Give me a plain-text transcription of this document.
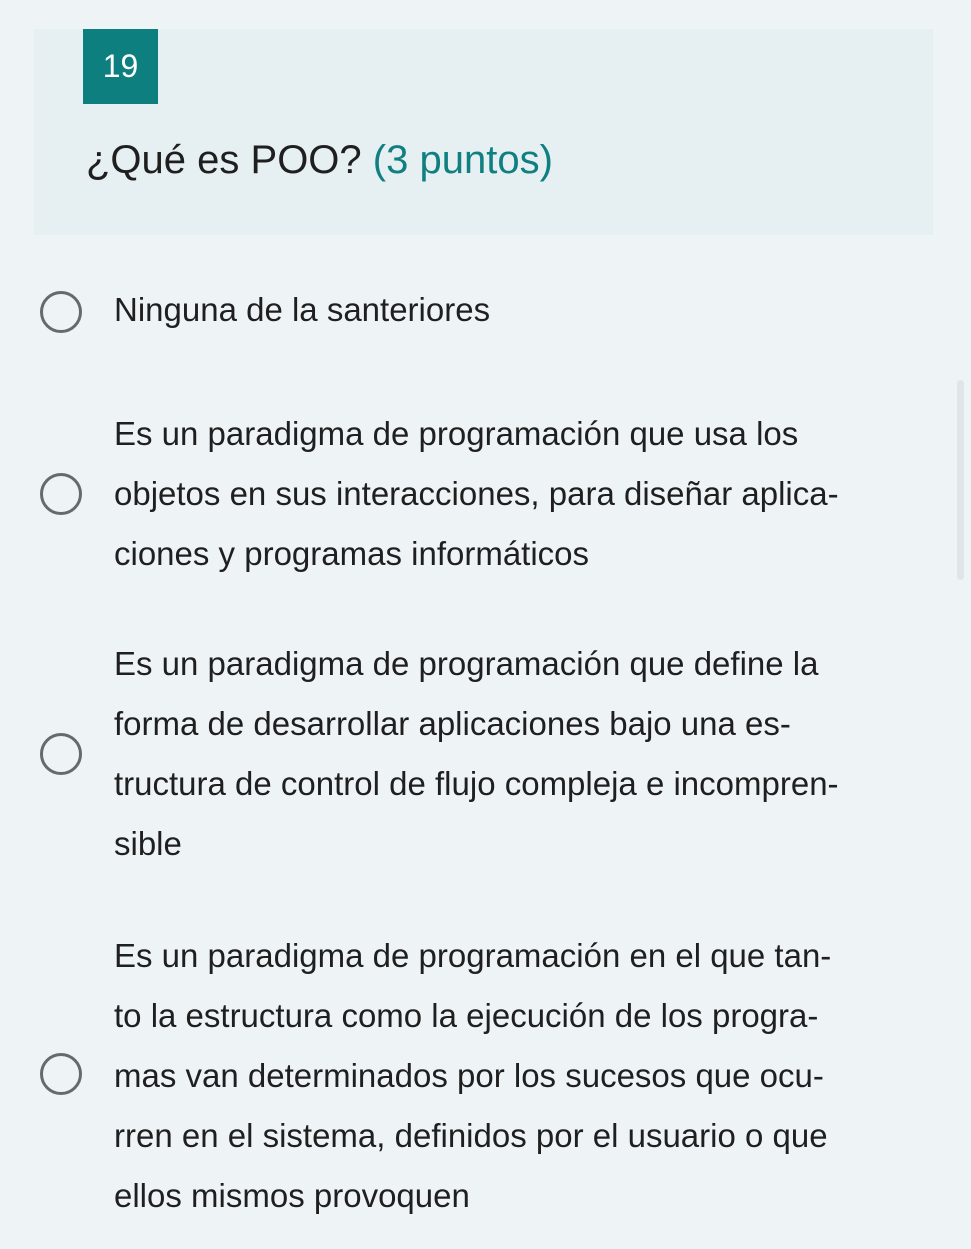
19
¿Qué es POO? (3 puntos)
Ninguna de la santeriores
Es un paradigma de programación que usa los
objetos en sus interacciones, para diseñar aplica-
ciones y programas informáticos
Es un paradigma de programación que define la
forma de desarrollar aplicaciones bajo una es-
tructura de control de flujo compleja e incompren-
sible
Es un paradigma de programación en el que tan-
to la estructura como la ejecución de los progra-
mas van determinados por los sucesos que ocu-
rren en el sistema, definidos por el usuario o que
ellos mismos provoquen
